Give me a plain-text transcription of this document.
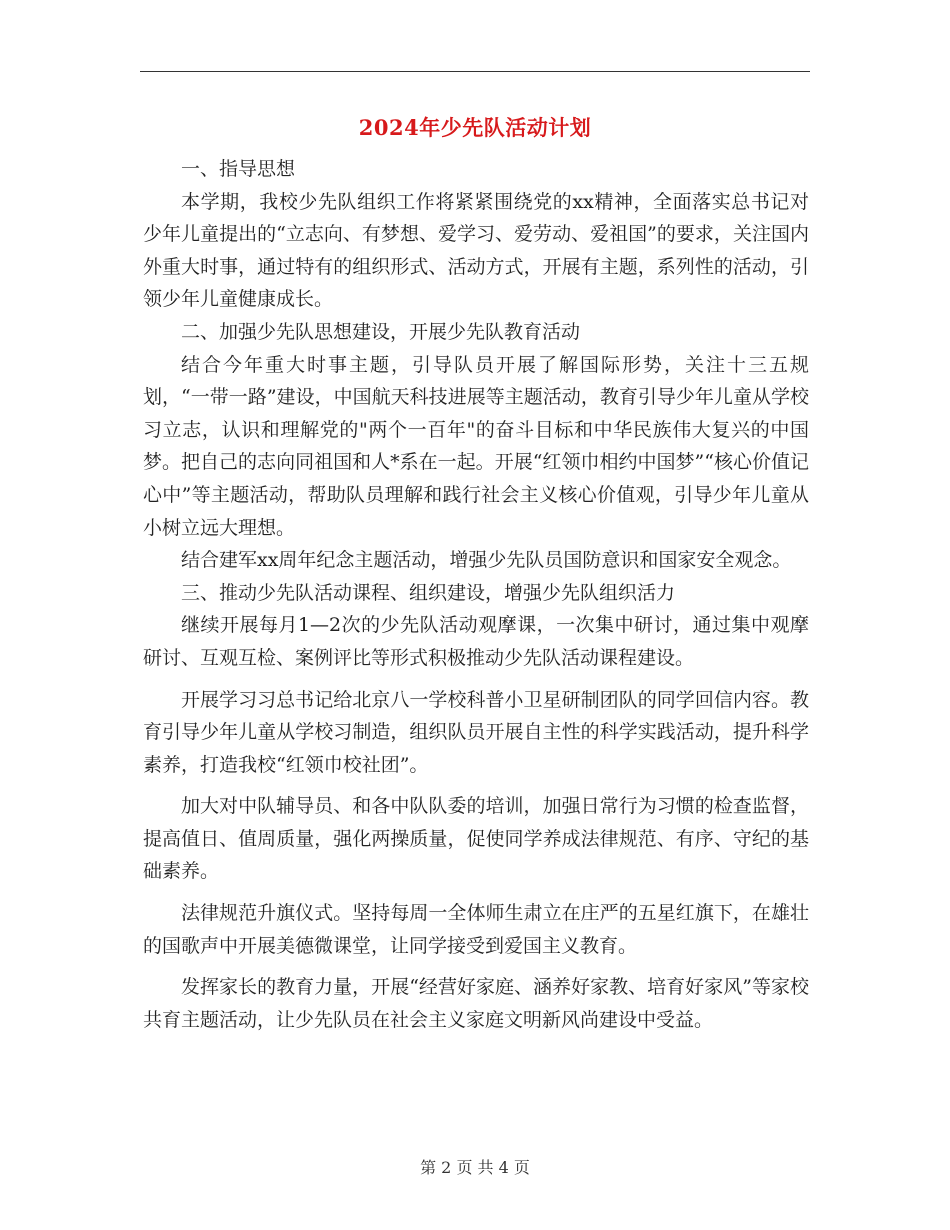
2024年少先队活动计划

一、指导思想

本学期，我校少先队组织工作将紧紧围绕党的xx精神，全面落实总书记对少年儿童提出的“立志向、有梦想、爱学习、爱劳动、爱祖国”的要求，关注国内外重大时事，通过特有的组织形式、活动方式，开展有主题，系列性的活动，引领少年儿童健康成长。

二、加强少先队思想建设，开展少先队教育活动

结合今年重大时事主题，引导队员开展了解国际形势，关注十三五规划，“一带一路”建设，中国航天科技进展等主题活动，教育引导少年儿童从学校习立志，认识和理解党的"两个一百年"的奋斗目标和中华民族伟大复兴的中国梦。把自己的志向同祖国和人*系在一起。开展“红领巾相约中国梦”“核心价值记心中”等主题活动，帮助队员理解和践行社会主义核心价值观，引导少年儿童从小树立远大理想。

结合建军xx周年纪念主题活动，增强少先队员国防意识和国家安全观念。

三、推动少先队活动课程、组织建设，增强少先队组织活力

继续开展每月1—2次的少先队活动观摩课，一次集中研讨，通过集中观摩研讨、互观互检、案例评比等形式积极推动少先队活动课程建设。

开展学习习总书记给北京八一学校科普小卫星研制团队的同学回信内容。教育引导少年儿童从学校习制造，组织队员开展自主性的科学实践活动，提升科学素养，打造我校“红领巾校社团”。

加大对中队辅导员、和各中队队委的培训，加强日常行为习惯的检查监督，提高值日、值周质量，强化两操质量，促使同学养成法律规范、有序、守纪的基础素养。

法律规范升旗仪式。坚持每周一全体师生肃立在庄严的五星红旗下，在雄壮的国歌声中开展美德微课堂，让同学接受到爱国主义教育。

发挥家长的教育力量，开展“经营好家庭、涵养好家教、培育好家风”等家校共育主题活动，让少先队员在社会主义家庭文明新风尚建设中受益。

第 2 页 共 4 页
